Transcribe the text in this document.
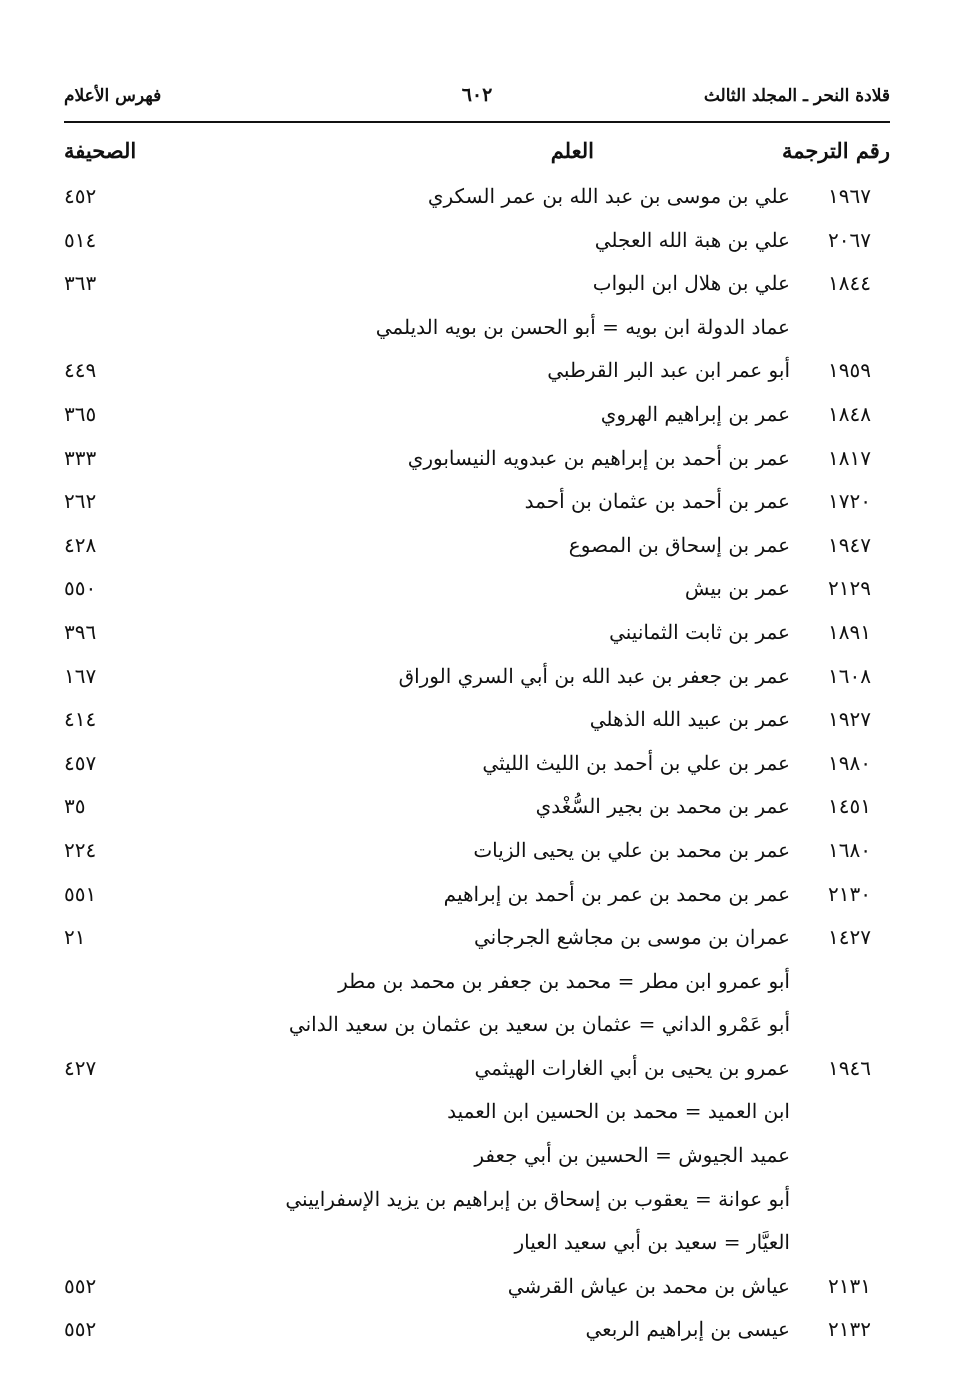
قلادة النحر ـ المجلد الثالث
٦٠٢
فهرس الأعلام
رقم الترجمة
العلم
الصحيفة
١٩٦٧
علي بن موسى بن عبد الله بن عمر السكري
٤٥٢
٢٠٦٧
علي بن هبة الله العجلي
٥١٤
١٨٤٤
علي بن هلال ابن البواب
٣٦٣
عماد الدولة ابن بويه = أبو الحسن بن بويه الديلمي
١٩٥٩
أبو عمر ابن عبد البر القرطبي
٤٤٩
١٨٤٨
عمر بن إبراهيم الهروي
٣٦٥
١٨١٧
عمر بن أحمد بن إبراهيم بن عبدويه النيسابوري
٣٣٣
١٧٢٠
عمر بن أحمد بن عثمان بن أحمد
٢٦٢
١٩٤٧
عمر بن إسحاق بن المصوع
٤٢٨
٢١٢٩
عمر بن بيش
٥٥٠
١٨٩١
عمر بن ثابت الثمانيني
٣٩٦
١٦٠٨
عمر بن جعفر بن عبد الله بن أبي السري الوراق
١٦٧
١٩٢٧
عمر بن عبيد الله الذهلي
٤١٤
١٩٨٠
عمر بن علي بن أحمد بن الليث الليثي
٤٥٧
١٤٥١
عمر بن محمد بن بجير السُّغْدي
٣٥
١٦٨٠
عمر بن محمد بن علي بن يحيى الزيات
٢٢٤
٢١٣٠
عمر بن محمد بن عمر بن أحمد بن إبراهيم
٥٥١
١٤٢٧
عمران بن موسى بن مجاشع الجرجاني
٢١
أبو عمرو ابن مطر = محمد بن جعفر بن محمد بن مطر
أبو عَمْرو الداني = عثمان بن سعيد بن عثمان بن سعيد الداني
١٩٤٦
عمرو بن يحيى بن أبي الغارات الهيثمي
٤٢٧
ابن العميد = محمد بن الحسين ابن العميد
عميد الجيوش = الحسين بن أبي جعفر
أبو عوانة = يعقوب بن إسحاق بن إبراهيم بن يزيد الإسفراييني
العيَّار = سعيد بن أبي سعيد العيار
٢١٣١
عياش بن محمد بن عياش القرشي
٥٥٢
٢١٣٢
عيسى بن إبراهيم الربعي
٥٥٢
